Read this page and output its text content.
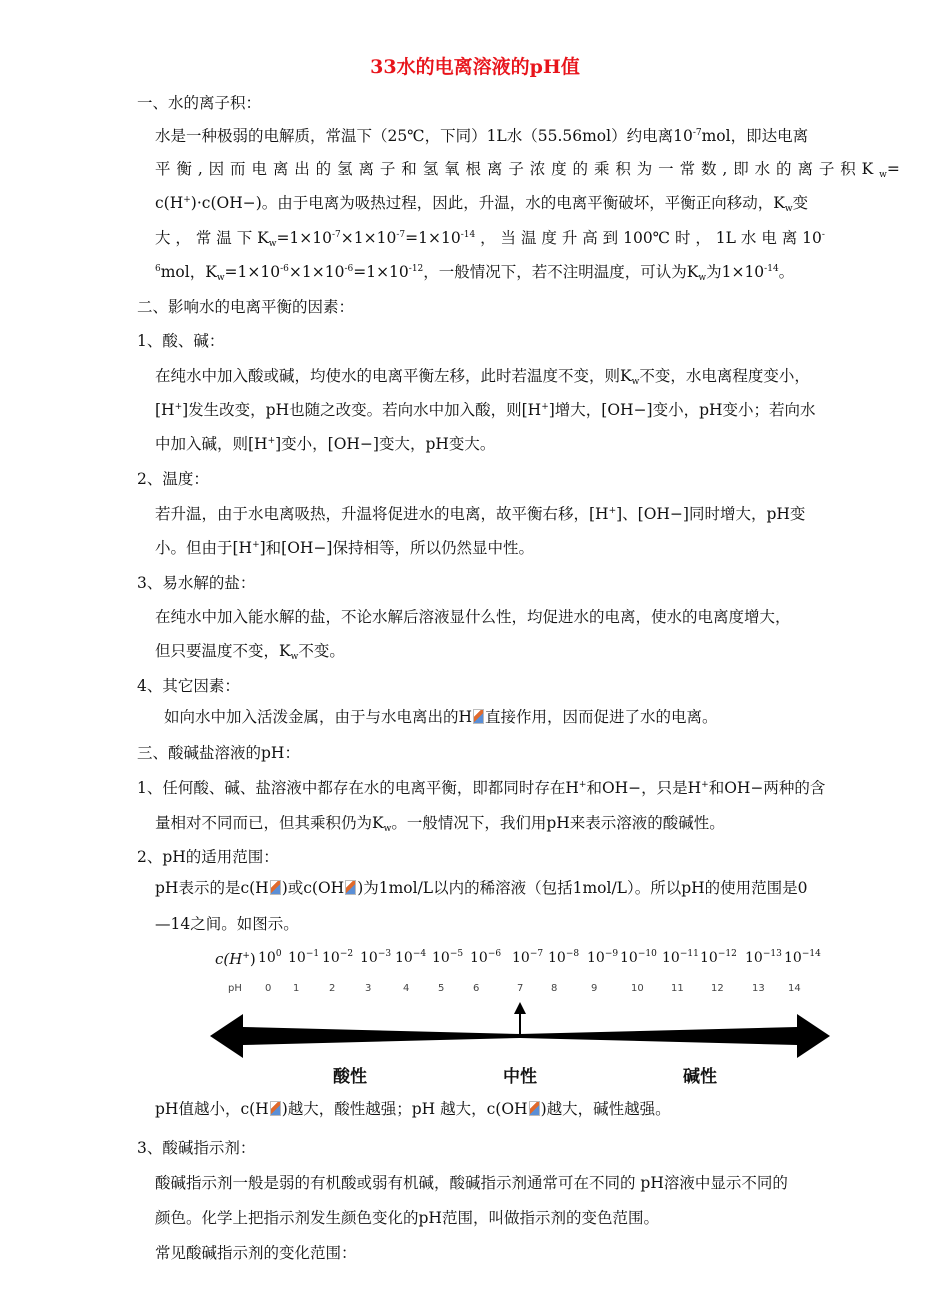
33水的电离溶液的pH值
一、水的离子积：
水是一种极弱的电解质，常温下（25℃，下同）1L水（55.56mol）约电离$10^{-7}mol$，即达电离
平 衡 , 因 而 电 离 出 的 氢 离 子 和 氢 氧 根 离 子 浓 度 的 乘 积 为 一 常 数 , 即 水 的 离 子 积 K $_w$=
c(H+)·c(OH−)。由于电离为吸热过程，因此，升温，水的电离平衡破坏，平衡正向移动，$K_w$变
大 ， 常 温 下 $K_w=1\times 10^{-7}\times 1\times 10^{-7}=1\times 10^{-14}$ ， 当 温 度 升 高 到 100℃ 时 ， 1L 水 电 离 10-
$^6$mol，$K_w=1\times 10^{-6}\times 1\times 10^{-6}=1\times 10^{-12}$，一般情况下，若不注明温度，可认为$K_w$为$1\times 10^{-14}$。
二、影响水的电离平衡的因素：
1、酸、碱：
在纯水中加入酸或碱，均使水的电离平衡左移，此时若温度不变，则$K_w$不变，水电离程度变小，
[H+]发生改变，pH也随之改变。若向水中加入酸，则[H+]增大，[OH−]变小，pH变小；若向水
中加入碱，则[H+]变小，[OH−]变大，pH变大。
2、温度：
若升温，由于水电离吸热，升温将促进水的电离，故平衡右移，[H+]、[OH−]同时增大，pH变
小。但由于[H+]和[OH−]保持相等，所以仍然显中性。
3、易水解的盐：
在纯水中加入能水解的盐，不论水解后溶液显什么性，均促进水的电离，使水的电离度增大，
但只要温度不变，$K_w$不变。
4、其它因素：
如向水中加入活泼金属，由于与水电离出的H 直接作用，因而促进了水的电离。
三、酸碱盐溶液的pH：
1、任何酸、碱、盐溶液中都存在水的电离平衡，即都同时存在H+和OH−，只是H+和OH−两种的含
量相对不同而已，但其乘积仍为$K_w$。一般情况下，我们用pH来表示溶液的酸碱性。
2、pH的适用范围：
pH表示的是c(H )或c(OH )为1mol/L以内的稀溶液（包括1mol/L）。所以pH的使用范围是0
—14之间。如图示。
c(H+)
pH
酸性	中性	碱性
pH值越小，c(H )越大，酸性越强；pH 越大，c(OH )越大，碱性越强。
3、酸碱指示剂：
酸碱指示剂一般是弱的有机酸或弱有机碱，酸碱指示剂通常可在不同的 pH溶液中显示不同的
颜色。化学上把指示剂发生颜色变化的pH范围，叫做指示剂的变色范围。
常见酸碱指示剂的变化范围：
$10^0$ $10^{-1}$ $10^{-2}$ $10^{-3}$ $10^{-4}$ $10^{-5}$ $10^{-6}$ $10^{-7}$ $10^{-8}$ $10^{-9}$ $10^{-10}$ $10^{-11}$ $10^{-12}$ $10^{-13}$ $10^{-14}$
0 1	2	3	4	5	6	7	8	9	10	11	12	13 14
